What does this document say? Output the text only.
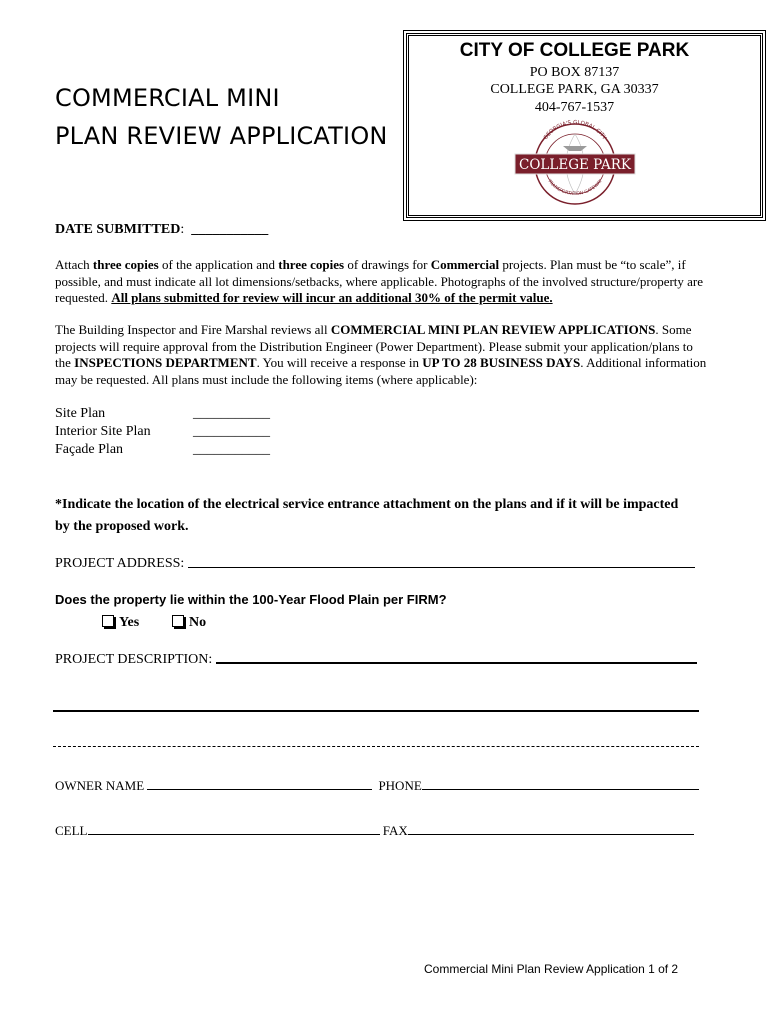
COMMERCIAL MINI
PLAN REVIEW APPLICATION
CITY OF COLLEGE PARK
PO BOX 87137
COLLEGE PARK, GA 30337
404-767-1537
GEORGIA'S GLOBAL CITY
TRANSPORTATION GATEWAY
COLLEGE PARK
DATE SUBMITTED: ___________
Attach three copies of the application and three copies of drawings for Commercial projects. Plan must be “to scale”, if possible, and must indicate all lot dimensions/setbacks, where applicable. Photographs of the involved structure/property are requested. All plans submitted for review will incur an additional 30% of the permit value.
The Building Inspector and Fire Marshal reviews all COMMERCIAL MINI PLAN REVIEW APPLICATIONS. Some projects will require approval from the Distribution Engineer (Power Department). Please submit your application/plans to the INSPECTIONS DEPARTMENT. You will receive a response in UP TO 28 BUSINESS DAYS. Additional information may be requested. All plans must include the following items (where applicable):
Site Plan	___________
Interior Site Plan	___________
Façade Plan	___________
*Indicate the location of the electrical service entrance attachment on the plans and if it will be impacted by the proposed work.
PROJECT ADDRESS:
Does the property lie within the 100-Year Flood Plain per FIRM?
Yes	No
PROJECT DESCRIPTION:
OWNER NAME	PHONE
CELL	FAX
Commercial Mini Plan Review Application 1 of 2
